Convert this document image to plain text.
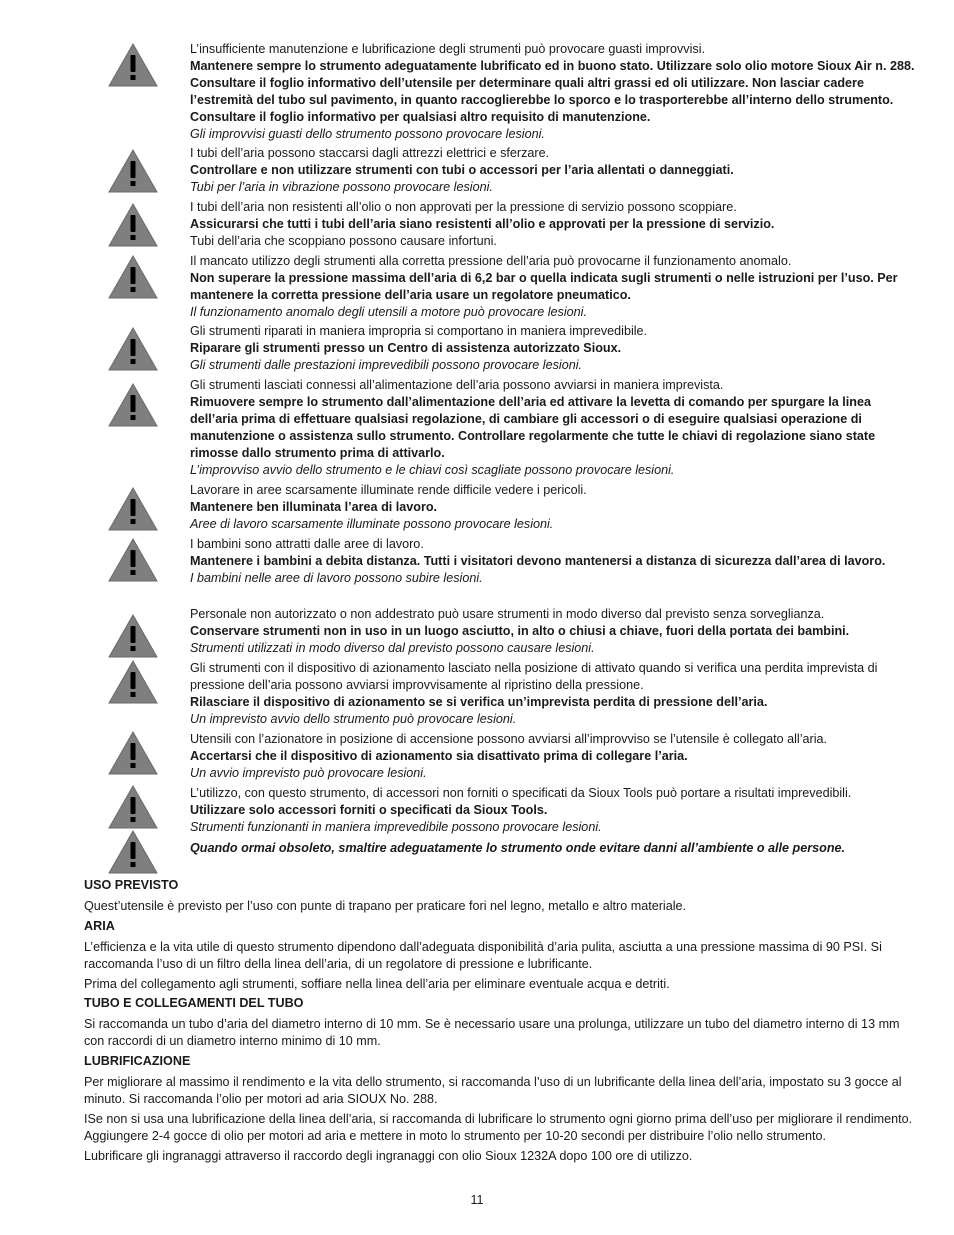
L’insufficiente manutenzione e lubrificazione degli strumenti può provocare guasti improvvisi.

Mantenere sempre lo strumento adeguatamente lubrificato ed in buono stato. Utilizzare solo olio motore Sioux Air n. 288. Consultare il foglio informativo dell’utensile per determinare quali altri grassi ed oli utilizzare. Non lasciar cadere l’estremità del tubo sul pavimento, in quanto raccoglierebbe lo sporco e lo trasporterebbe all’interno dello strumento. Consultare il foglio informativo per qualsiasi altro requisito di manutenzione.

Gli improvvisi guasti dello strumento possono provocare lesioni.

I tubi dell’aria possono staccarsi dagli attrezzi elettrici e sferzare.

Controllare e non utilizzare strumenti con tubi o accessori per l’aria allentati o danneggiati.

Tubi per l’aria in vibrazione possono provocare lesioni.

I tubi dell’aria non resistenti all’olio o non approvati per la pressione di servizio possono scoppiare.

Assicurarsi che tutti i tubi dell’aria siano resistenti all’olio e approvati per la pressione di servizio.

Tubi dell’aria che scoppiano possono causare infortuni.

Il mancato utilizzo degli strumenti alla corretta pressione dell’aria può provocarne il funzionamento anomalo.

Non superare la pressione massima dell’aria di 6,2 bar o quella indicata sugli strumenti o nelle istruzioni per l’uso. Per mantenere la corretta pressione dell’aria usare un regolatore pneumatico.

Il funzionamento anomalo degli utensili a motore può provocare lesioni.

Gli strumenti riparati in maniera impropria si comportano in maniera imprevedibile.

Riparare gli strumenti presso un Centro di assistenza autorizzato Sioux.

Gli strumenti dalle prestazioni imprevedibili possono provocare lesioni.

Gli strumenti lasciati connessi all’alimentazione dell’aria possono avviarsi in maniera imprevista.

Rimuovere sempre lo strumento dall’alimentazione dell’aria ed attivare la levetta di comando per spurgare la linea dell’aria prima di effettuare qualsiasi regolazione, di cambiare gli accessori o di eseguire qualsiasi operazione di manutenzione o assistenza sullo strumento. Controllare regolarmente che tutte le chiavi di regolazione siano state rimosse dallo strumento prima di attivarlo.

L’improvviso avvio dello strumento e le chiavi così scagliate possono provocare lesioni.

Lavorare in aree scarsamente illuminate rende difficile vedere i pericoli.

Mantenere ben illuminata l’area di lavoro.

Aree di lavoro scarsamente illuminate possono provocare lesioni.

I bambini sono attratti dalle aree di lavoro.

Mantenere i bambini a debita distanza. Tutti i visitatori devono mantenersi a distanza di sicurezza dall’area di lavoro.

I bambini nelle aree di lavoro possono subire lesioni.

Personale non autorizzato o non addestrato può usare strumenti in modo diverso dal previsto senza sorveglianza.

Conservare strumenti non in uso in un luogo asciutto, in alto o chiusi a chiave, fuori della portata dei bambini.

Strumenti utilizzati in modo diverso dal previsto possono causare lesioni.

Gli strumenti con il dispositivo di azionamento lasciato nella posizione di attivato quando si verifica una perdita imprevista di pressione dell’aria possono avviarsi improvvisamente al ripristino della pressione.

Rilasciare il dispositivo di azionamento se si verifica un’imprevista perdita di pressione dell’aria.

Un imprevisto avvio dello strumento può provocare lesioni.

Utensili con l’azionatore in posizione di accensione possono avviarsi all’improvviso se l’utensile è collegato all’aria.

Accertarsi che il dispositivo di azionamento sia disattivato prima di collegare l’aria.

Un avvio imprevisto può provocare lesioni.

L’utilizzo, con questo strumento, di accessori non forniti o specificati da Sioux Tools può portare a risultati imprevedibili.

Utilizzare solo accessori forniti o specificati da Sioux Tools.

Strumenti funzionanti in maniera imprevedibile possono provocare lesioni.

Quando ormai obsoleto, smaltire adeguatamente lo strumento onde evitare danni all’ambiente o alle persone.

USO PREVISTO

Quest’utensile è previsto per l’uso con punte di trapano per praticare fori nel legno, metallo e altro materiale.

ARIA

L’efficienza e la vita utile di questo strumento dipendono dall’adeguata disponibilità d’aria pulita, asciutta a una pressione massima di 90 PSI. Si raccomanda l’uso di un filtro della linea dell’aria, di un regolatore di pressione e lubrificante.

Prima del collegamento agli strumenti, soffiare nella linea dell’aria per eliminare eventuale acqua e detriti.

TUBO E COLLEGAMENTI DEL TUBO

Si raccomanda un tubo d’aria del diametro interno di 10 mm. Se è necessario usare una prolunga, utilizzare un tubo del diametro interno di 13 mm con raccordi di un diametro interno minimo di 10 mm.

LUBRIFICAZIONE

Per migliorare al massimo il rendimento e la vita dello strumento, si raccomanda l’uso di un lubrificante della linea dell’aria, impostato su 3 gocce al minuto. Si raccomanda l’olio per motori ad aria SIOUX No. 288.

ISe non si usa una lubrificazione della linea dell’aria, si raccomanda di lubrificare lo strumento ogni giorno prima dell’uso per migliorare il rendimento. Aggiungere 2-4 gocce di olio per motori ad aria e mettere in moto lo strumento per 10-20 secondi per distribuire l’olio nello strumento.

Lubrificare gli ingranaggi attraverso il raccordo degli ingranaggi con olio Sioux 1232A dopo 100 ore di utilizzo.

11
